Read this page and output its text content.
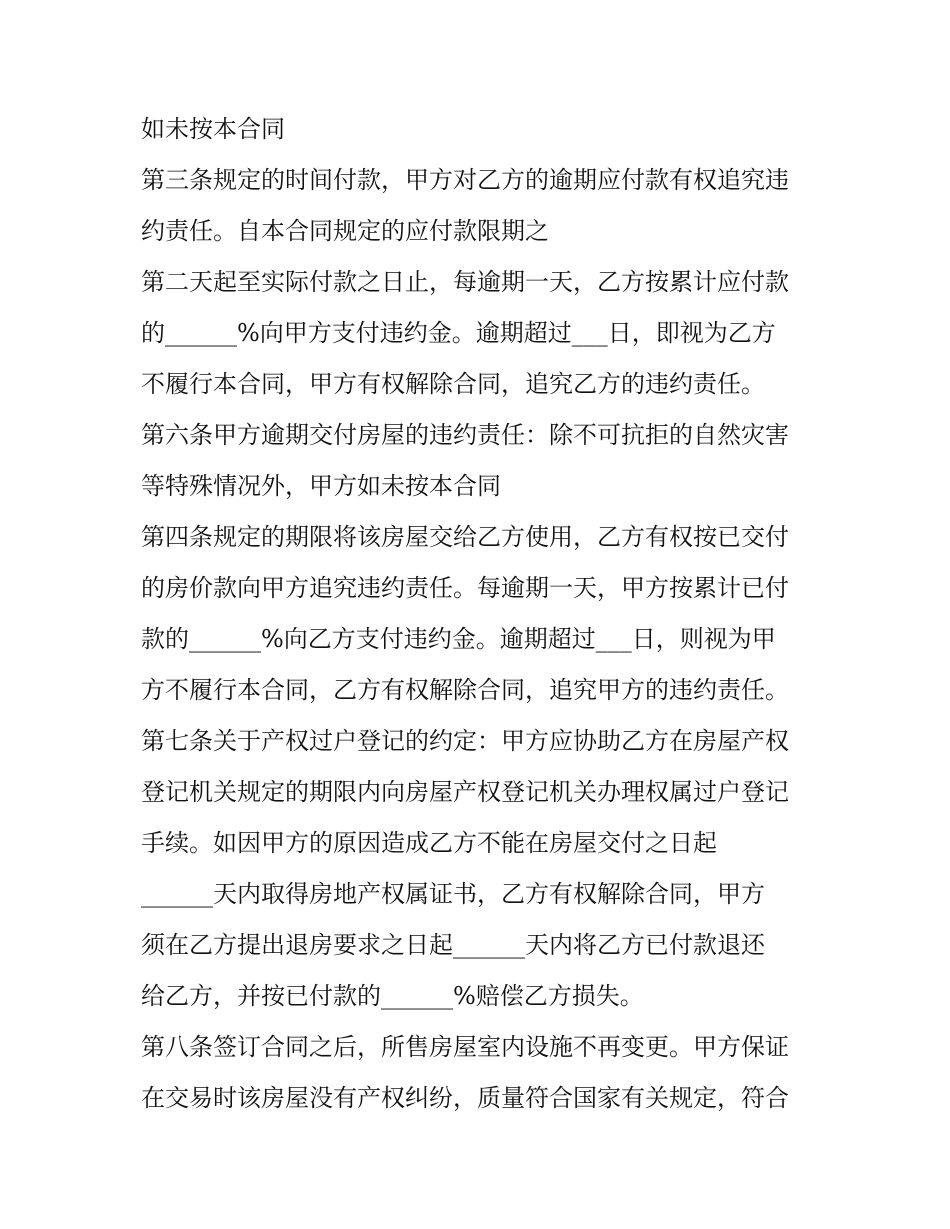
如未按本合同
第三条规定的时间付款，甲方对乙方的逾期应付款有权追究违
约责任。自本合同规定的应付款限期之
第二天起至实际付款之日止，每逾期一天，乙方按累计应付款
的______%向甲方支付违约金。逾期超过___日，即视为乙方
不履行本合同，甲方有权解除合同，追究乙方的违约责任。
第六条甲方逾期交付房屋的违约责任：除不可抗拒的自然灾害
等特殊情况外，甲方如未按本合同
第四条规定的期限将该房屋交给乙方使用，乙方有权按已交付
的房价款向甲方追究违约责任。每逾期一天，甲方按累计已付
款的______%向乙方支付违约金。逾期超过___日，则视为甲
方不履行本合同，乙方有权解除合同，追究甲方的违约责任。
第七条关于产权过户登记的约定：甲方应协助乙方在房屋产权
登记机关规定的期限内向房屋产权登记机关办理权属过户登记
手续。如因甲方的原因造成乙方不能在房屋交付之日起
______天内取得房地产权属证书，乙方有权解除合同，甲方
须在乙方提出退房要求之日起______天内将乙方已付款退还
给乙方，并按已付款的______%赔偿乙方损失。
第八条签订合同之后，所售房屋室内设施不再变更。甲方保证
在交易时该房屋没有产权纠纷，质量符合国家有关规定，符合
